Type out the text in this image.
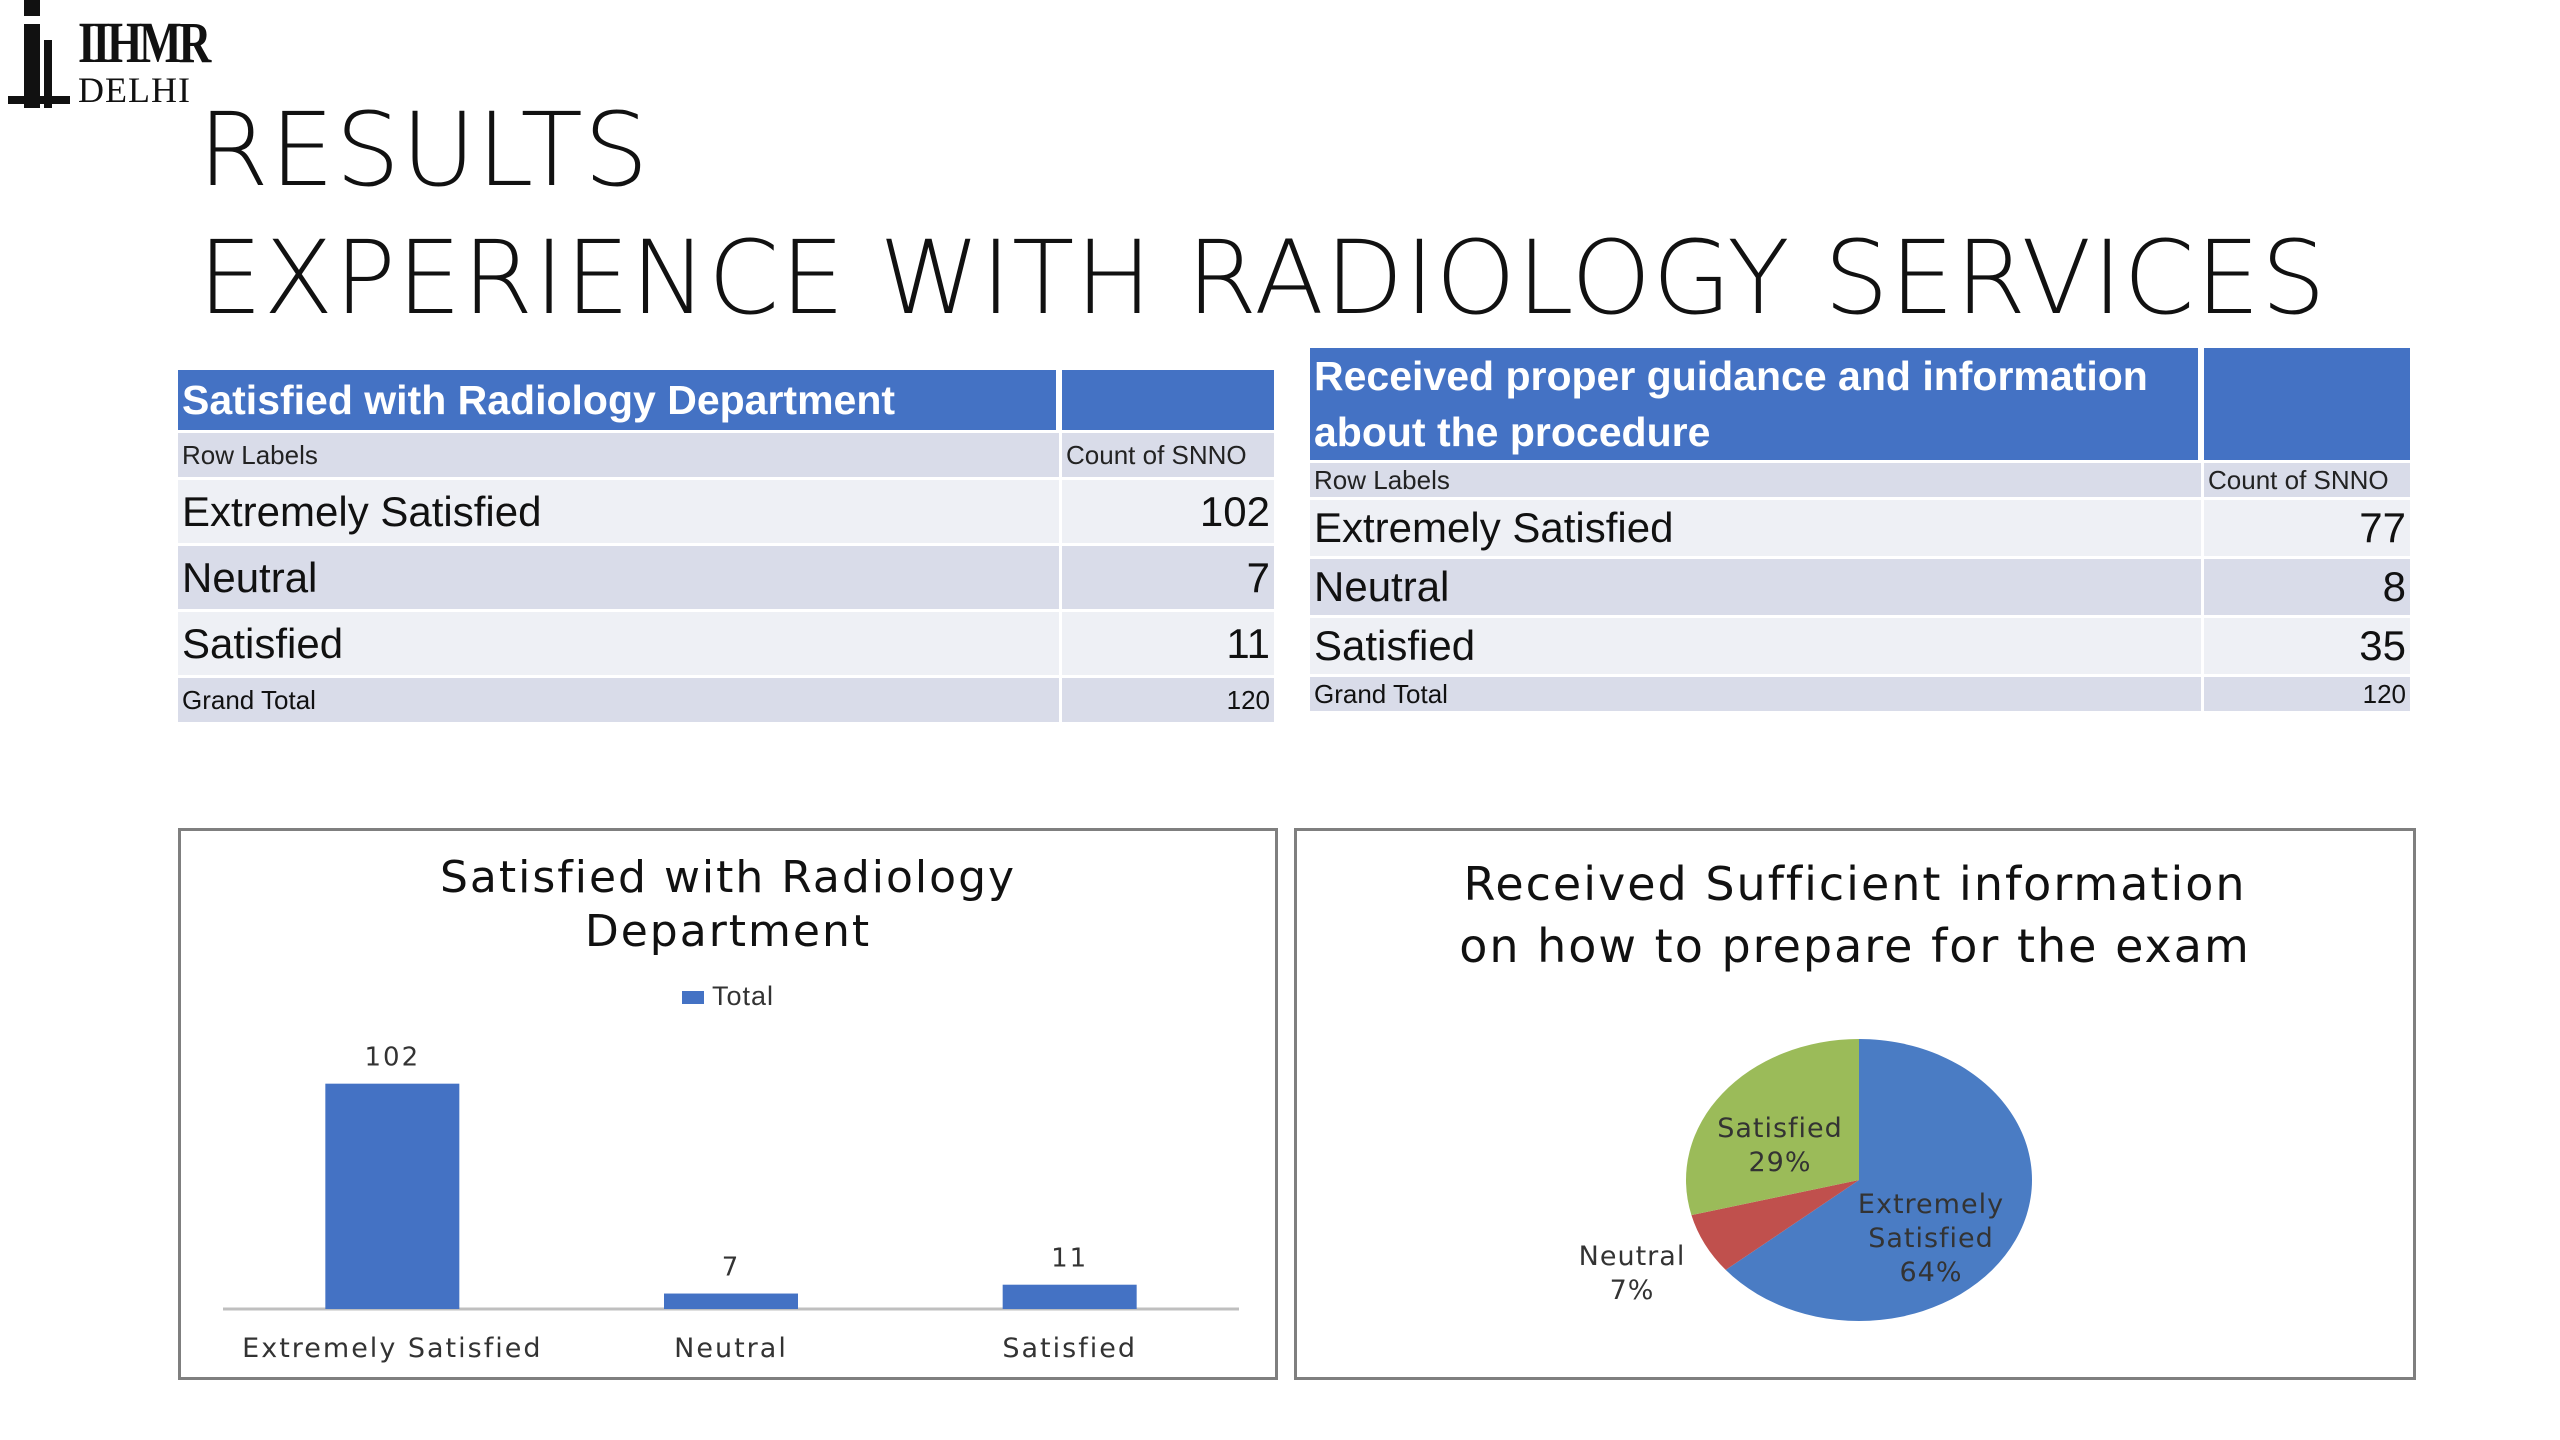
IIHMR
DELHI
RESULTS
EXPERIENCE WITH RADIOLOGY SERVICES
Satisfied with Radiology Department	
Row Labels	Count of SNNO
Extremely Satisfied	102
Neutral	7
Satisfied	11
Grand Total	120
Received proper guidance and information about the procedure	
Row Labels	Count of SNNO
Extremely Satisfied	77
Neutral	8
Satisfied	35
Grand Total	120
Satisfied with Radiology Department
Total
102
Extremely Satisfied
7
Neutral
11
Satisfied
Received Sufficient information on how to prepare for the exam
Extremely Satisfied 64%
Neutral 7%
Satisfied 29%
